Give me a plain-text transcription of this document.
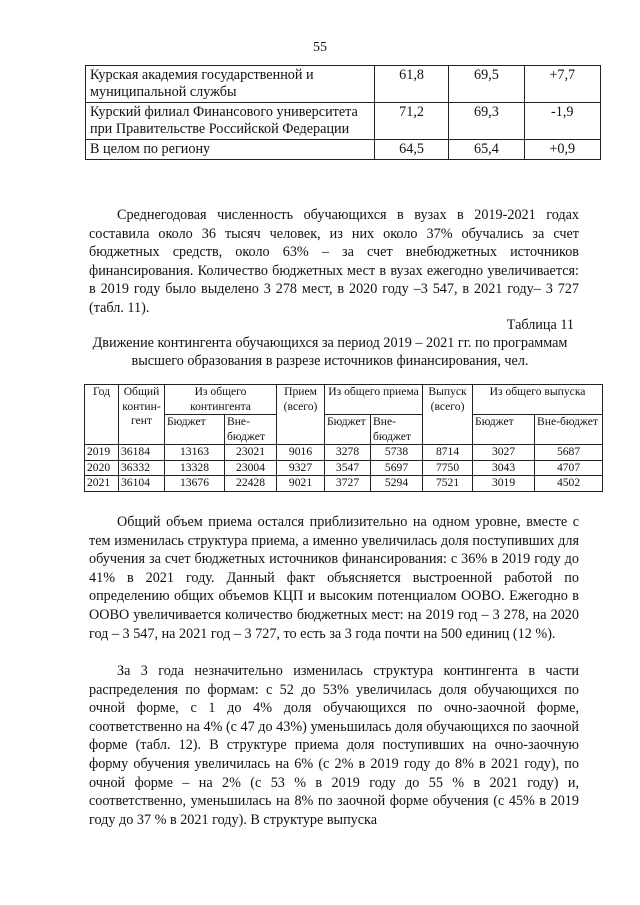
55
Курская академия государственной и муниципальной службы	61,8	69,5	+7,7
Курский филиал Финансового университета при Правительстве Российской Федерации	71,2	69,3	-1,9
В целом по региону	64,5	65,4	+0,9

Среднегодовая численность обучающихся в вузах в 2019-2021 годах составила около 36 тысяч человек, из них около 37% обучались за счет бюджетных средств, около 63% – за счет внебюджетных источников финансирования. Количество бюджетных мест в вузах ежегодно увеличивается: в 2019 году было выделено 3 278 мест, в 2020 году –3 547, в 2021 году– 3 727 (табл. 11).

Таблица 11
Движение контингента обучающихся за период 2019 – 2021 гг. по программам высшего образования в разрезе источников финансирования, чел.
Год	Общий контин-гент	Из общего контингента		Прием (всего)	Из общего приема		Выпуск (всего)	Из общего выпуска	
		Бюджет	Вне-бюджет		Бюджет	Вне-бюджет		Бюджет	Вне-бюджет
2019	36184	13163	23021	9016	3278	5738	8714	3027	5687
2020	36332	13328	23004	9327	3547	5697	7750	3043	4707
2021	36104	13676	22428	9021	3727	5294	7521	3019	4502

Общий объем приема остался приблизительно на одном уровне, вместе с тем изменилась структура приема, а именно увеличилась доля поступивших для обучения за счет бюджетных источников финансирования: с 36% в 2019 году до 41% в 2021 году. Данный факт объясняется выстроенной работой по определению общих объемов КЦП и высоким потенциалом ООВО. Ежегодно в ООВО увеличивается количество бюджетных мест: на 2019 год – 3 278, на 2020 год – 3 547, на 2021 год – 3 727, то есть за 3 года почти на 500 единиц (12 %).

За 3 года незначительно изменилась структура контингента в части распределения по формам: с 52 до 53% увеличилась доля обучающихся по очной форме, с 1 до 4% доля обучающихся по очно-заочной форме, соответственно на 4% (с 47 до 43%) уменьшилась доля обучающихся по заочной форме (табл. 12). В структуре приема доля поступивших на очно-заочную форму обучения увеличилась на 6% (с 2% в 2019 году до 8% в 2021 году), по очной форме – на 2% (с 53 % в 2019 году до 55 % в 2021 году) и, соответственно, уменьшилась на 8% по заочной форме обучения (с 45% в 2019 году до 37 % в 2021 году). В структуре выпуска
